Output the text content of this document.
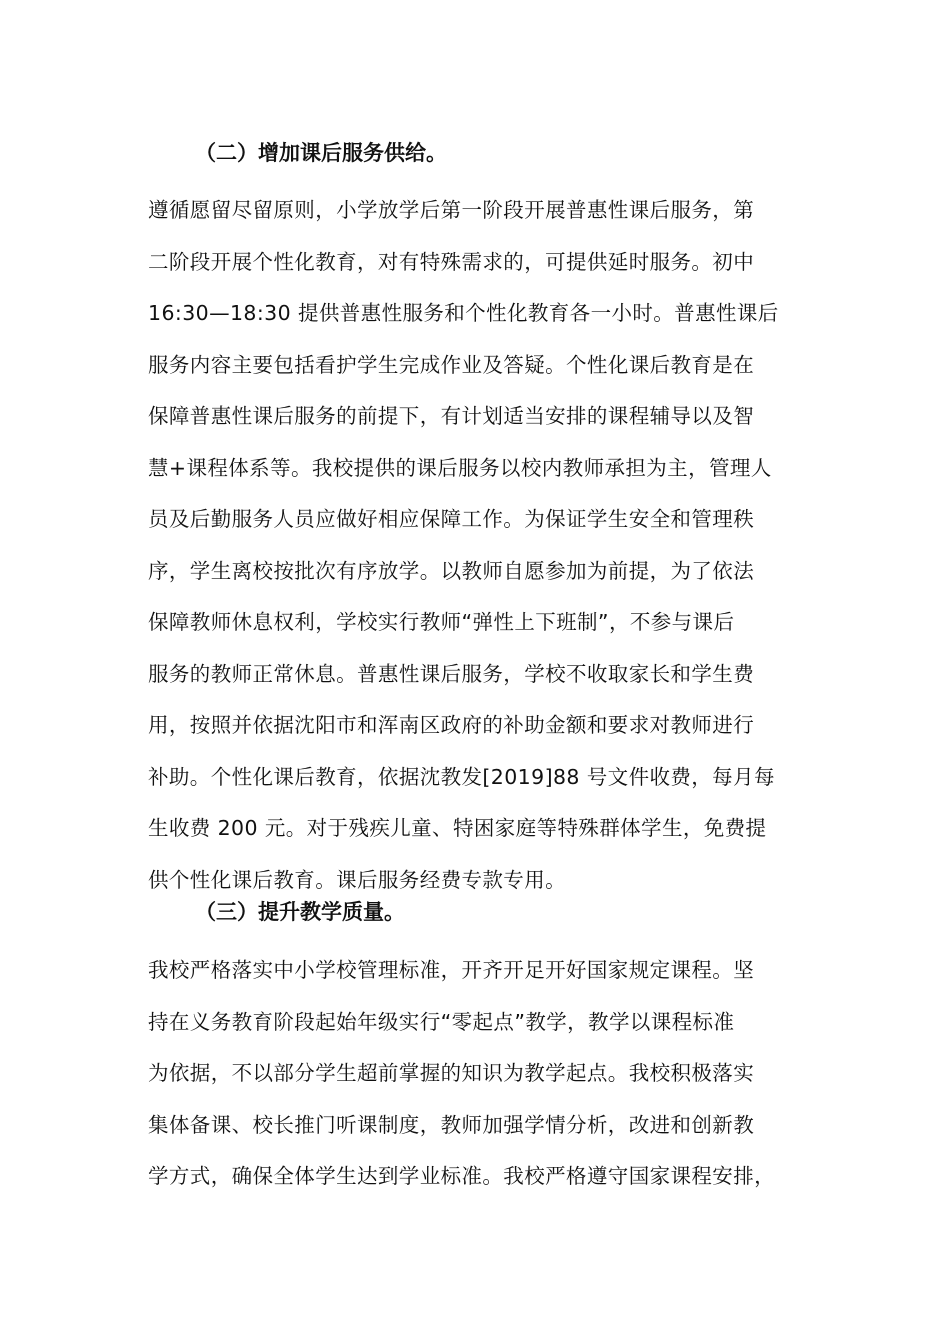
（二）增加课后服务供给。
遵循愿留尽留原则，小学放学后第一阶段开展普惠性课后服务，第
二阶段开展个性化教育，对有特殊需求的，可提供延时服务。初中
16:30—18:30 提供普惠性服务和个性化教育各一小时。普惠性课后
服务内容主要包括看护学生完成作业及答疑。个性化课后教育是在
保障普惠性课后服务的前提下，有计划适当安排的课程辅导以及智
慧+课程体系等。我校提供的课后服务以校内教师承担为主，管理人
员及后勤服务人员应做好相应保障工作。为保证学生安全和管理秩
序，学生离校按批次有序放学。以教师自愿参加为前提，为了依法
保障教师休息权利，学校实行教师“弹性上下班制”，不参与课后
服务的教师正常休息。普惠性课后服务，学校不收取家长和学生费
用，按照并依据沈阳市和浑南区政府的补助金额和要求对教师进行
补助。个性化课后教育，依据沈教发[2019]88 号文件收费，每月每
生收费 200 元。对于残疾儿童、特困家庭等特殊群体学生，免费提
供个性化课后教育。课后服务经费专款专用。
（三）提升教学质量。
我校严格落实中小学校管理标准，开齐开足开好国家规定课程。坚
持在义务教育阶段起始年级实行“零起点”教学，教学以课程标准
为依据，不以部分学生超前掌握的知识为教学起点。我校积极落实
集体备课、校长推门听课制度，教师加强学情分析，改进和创新教
学方式，确保全体学生达到学业标准。我校严格遵守国家课程安排，
